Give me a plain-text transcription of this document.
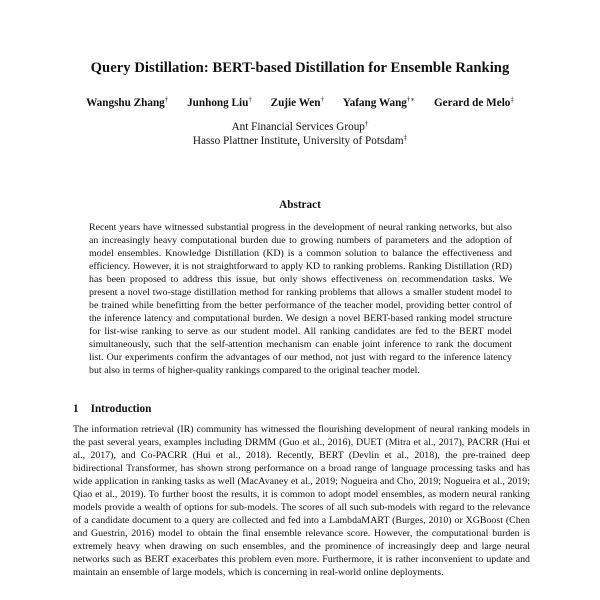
Query Distillation: BERT-based Distillation for Ensemble Ranking
Wangshu Zhang† Junhong Liu† Zujie Wen† Yafang Wang†∗ Gerard de Melo‡
Ant Financial Services Group†
Hasso Plattner Institute, University of Potsdam‡
Abstract
Recent years have witnessed substantial progress in the development of neural ranking networks, but also an increasingly heavy computational burden due to growing numbers of parameters and the adoption of model ensembles. Knowledge Distillation (KD) is a common solution to balance the effectiveness and efficiency. However, it is not straightforward to apply KD to ranking problems. Ranking Distillation (RD) has been proposed to address this issue, but only shows effectiveness on recommendation tasks. We present a novel two-stage distillation method for ranking problems that allows a smaller student model to be trained while benefitting from the better performance of the teacher model, providing better control of the inference latency and computational burden. We design a novel BERT-based ranking model structure for list-wise ranking to serve as our student model. All ranking candidates are fed to the BERT model simultaneously, such that the self-attention mechanism can enable joint inference to rank the document list. Our experiments confirm the advantages of our method, not just with regard to the inference latency but also in terms of higher-quality rankings compared to the original teacher model.
1 Introduction

The information retrieval (IR) community has witnessed the flourishing development of neural ranking models in the past several years, examples including DRMM (Guo et al., 2016), DUET (Mitra et al., 2017), PACRR (Hui et al., 2017), and Co-PACRR (Hui et al., 2018). Recently, BERT (Devlin et al., 2018), the pre-trained deep bidirectional Transformer, has shown strong performance on a broad range of language processing tasks and has wide application in ranking tasks as well (MacAvaney et al., 2019; Nogueira and Cho, 2019; Nogueira et al., 2019; Qiao et al., 2019). To further boost the results, it is common to adopt model ensembles, as modern neural ranking models provide a wealth of options for sub-models. The scores of all such sub-models with regard to the relevance of a candidate document to a query are collected and fed into a LambdaMART (Burges, 2010) or XGBoost (Chen and Guestrin, 2016) model to obtain the final ensemble relevance score. However, the computational burden is extremely heavy when drawing on such ensembles, and the prominence of increasingly deep and large neural networks such as BERT exacerbates this problem even more. Furthermore, it is rather inconvenient to update and maintain an ensemble of large models, which is concerning in real-world online deployments.
